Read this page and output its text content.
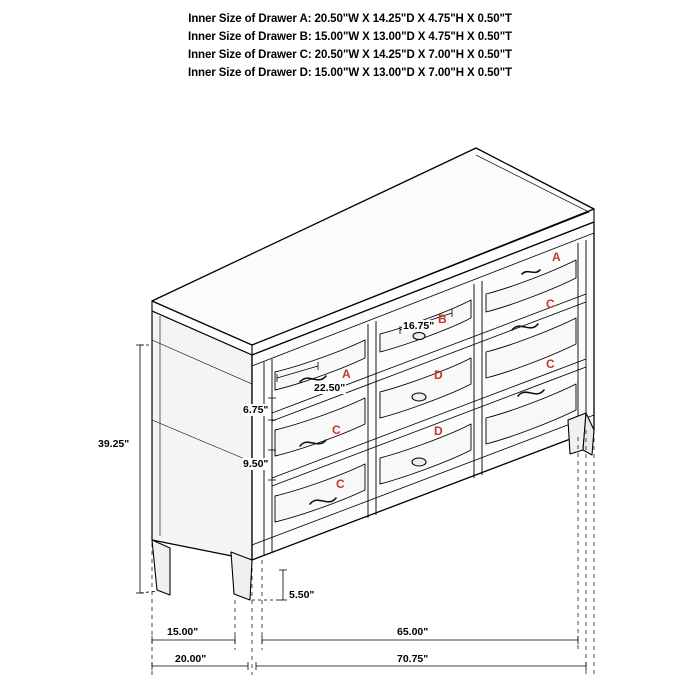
Inner Size of Drawer A: 20.50"W X 14.25"D X 4.75"H X 0.50"T
Inner Size of Drawer B: 15.00"W X 13.00"D X 4.75"H X 0.50"T
Inner Size of Drawer C: 20.50"W X 14.25"D X 7.00"H X 0.50"T
Inner Size of Drawer D: 15.00"W X 13.00"D X 7.00"H X 0.50"T
39.25"
16.75"
22.50"
6.75"
9.50"
5.50"
15.00"	65.00"
20.00"	70.75"
A
C
C
B
D
D
A
C
C
